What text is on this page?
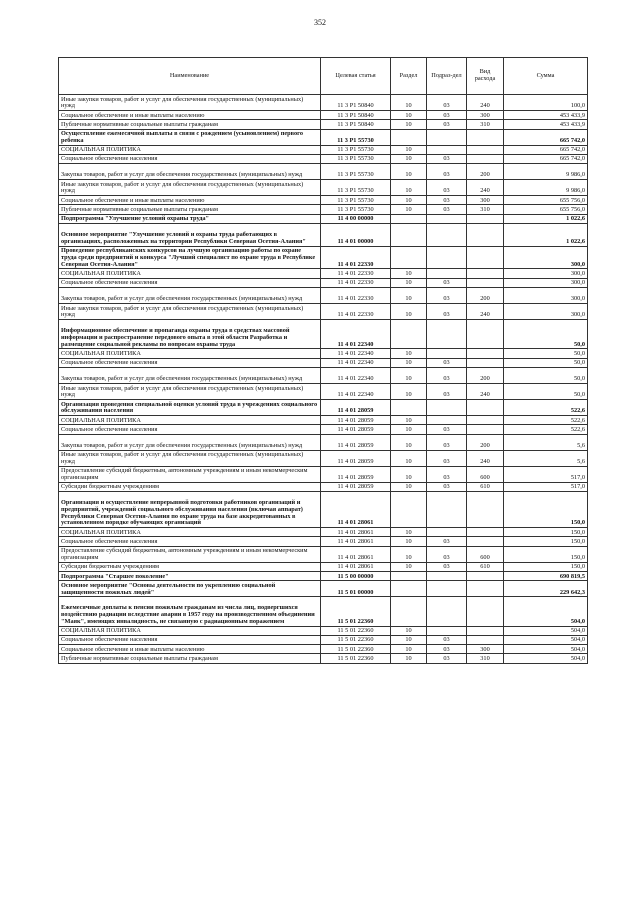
352
Наименование	Целевая статья	Раздел	Подраз-дел	Вид расхода	Сумма
Иные закупки товаров, работ и услуг для обеспечения государственных (муниципальных) нужд	11 3 Р1 50840	10	03	240	100,0
Социальное обеспечение и иные выплаты населению	11 3 Р1 50840	10	03	300	453 433,9
Публичные нормативные социальные выплаты гражданам	11 3 Р1 50840	10	03	310	453 433,9
Осуществление ежемесячной выплаты в связи с рождением (усыновлением) первого ребенка	11 3 Р1 55730				665 742,0
СОЦИАЛЬНАЯ ПОЛИТИКА	11 3 Р1 55730	10			665 742,0
Социальное обеспечение населения	11 3 Р1 55730	10	03		665 742,0
Закупка товаров, работ и услуг для обеспечения государственных (муниципальных) нужд	11 3 Р1 55730	10	03	200	9 986,0
Иные закупки товаров, работ и услуг для обеспечения государственных (муниципальных) нужд	11 3 Р1 55730	10	03	240	9 986,0
Социальное обеспечение и иные выплаты населению	11 3 Р1 55730	10	03	300	655 756,0
Публичные нормативные социальные выплаты гражданам	11 3 Р1 55730	10	03	310	655 756,0
Подпрограмма "Улучшение условий охраны труда"	11 4 00 00000				1 022,6
Основное мероприятие "Улучшение условий и охраны труда работающих в организациях, расположенных на территории Республики Северная Осетия-Алания"	11 4 01 00000				1 022,6
Проведение республиканских конкурсов на лучшую организацию работы по охране труда среди предприятий и конкурса "Лучший специалист по охране труда в Республике Северная Осетия-Алания"	11 4 01 22330				300,0
СОЦИАЛЬНАЯ ПОЛИТИКА	11 4 01 22330	10			300,0
Социальное обеспечение населения	11 4 01 22330	10	03		300,0
Закупка товаров, работ и услуг для обеспечения государственных (муниципальных) нужд	11 4 01 22330	10	03	200	300,0
Иные закупки товаров, работ и услуг для обеспечения государственных (муниципальных) нужд	11 4 01 22330	10	03	240	300,0
Информационное обеспечение и пропаганда охраны труда в средствах массовой информации и распространение передового опыта в этой области Разработка и размещение социальной рекламы по вопросам охраны труда	11 4 01 22340				50,0
СОЦИАЛЬНАЯ ПОЛИТИКА	11 4 01 22340	10			50,0
Социальное обеспечение населения	11 4 01 22340	10	03		50,0
Закупка товаров, работ и услуг для обеспечения государственных (муниципальных) нужд	11 4 01 22340	10	03	200	50,0
Иные закупки товаров, работ и услуг для обеспечения государственных (муниципальных) нужд	11 4 01 22340	10	03	240	50,0
Организация проведения специальной оценки условий труда в учреждениях социального обслуживания населения	11 4 01 28059				522,6
СОЦИАЛЬНАЯ ПОЛИТИКА	11 4 01 28059	10			522,6
Социальное обеспечение населения	11 4 01 28059	10	03		522,6
Закупка товаров, работ и услуг для обеспечения государственных (муниципальных) нужд	11 4 01 28059	10	03	200	5,6
Иные закупки товаров, работ и услуг для обеспечения государственных (муниципальных) нужд	11 4 01 28059	10	03	240	5,6
Предоставление субсидий бюджетным, автономным учреждениям и иным некоммерческим организациям	11 4 01 28059	10	03	600	517,0
Субсидии бюджетным учреждениям	11 4 01 28059	10	03	610	517,0
Организация и осуществление непрерывной подготовки работников организаций и предприятий, учреждений социального обслуживания населения (включая аппарат) Республики Северная Осетия-Алания по охране труда на базе аккредитованных в установленном порядке обучающих организаций	11 4 01 28061				150,0
СОЦИАЛЬНАЯ ПОЛИТИКА	11 4 01 28061	10			150,0
Социальное обеспечение населения	11 4 01 28061	10	03		150,0
Предоставление субсидий бюджетным, автономным учреждениям и иным некоммерческим организациям	11 4 01 28061	10	03	600	150,0
Субсидии бюджетным учреждениям	11 4 01 28061	10	03	610	150,0
Подпрограмма "Старшее поколение"	11 5 00 00000				690 819,5
Основное мероприятие "Основы деятельности по укреплению социальной защищенности пожилых людей"	11 5 01 00000				229 642,3
Ежемесячные доплаты к пенсии пожилым гражданам из числа лиц, подвергшихся воздействию радиации вследствие аварии в 1957 году на производственном объединении "Маяк", имеющих инвалидность, не связанную с радиационным поражением	11 5 01 22360				504,0
СОЦИАЛЬНАЯ ПОЛИТИКА	11 5 01 22360	10			504,0
Социальное обеспечение населения	11 5 01 22360	10	03		504,0
Социальное обеспечение и иные выплаты населению	11 5 01 22360	10	03	300	504,0
Публичные нормативные социальные выплаты гражданам	11 5 01 22360	10	03	310	504,0
